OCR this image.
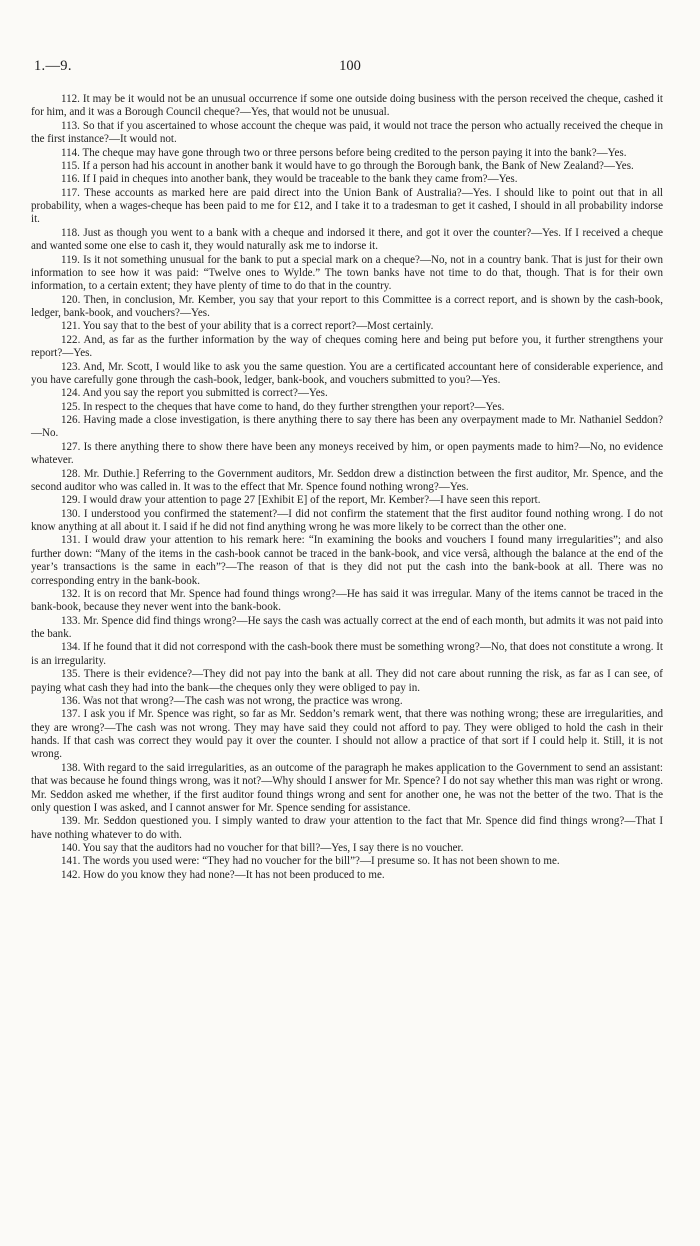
1.—9.	100

112. It may be it would not be an unusual occurrence if some one outside doing business with the person received the cheque, cashed it for him, and it was a Borough Council cheque?—Yes, that would not be unusual.

113. So that if you ascertained to whose account the cheque was paid, it would not trace the person who actually received the cheque in the first instance?—It would not.

114. The cheque may have gone through two or three persons before being credited to the person paying it into the bank?—Yes.

115. If a person had his account in another bank it would have to go through the Borough bank, the Bank of New Zealand?—Yes.

116. If I paid in cheques into another bank, they would be traceable to the bank they came from?—Yes.

117. These accounts as marked here are paid direct into the Union Bank of Australia?—Yes. I should like to point out that in all probability, when a wages-cheque has been paid to me for £12, and I take it to a tradesman to get it cashed, I should in all probability indorse it.

118. Just as though you went to a bank with a cheque and indorsed it there, and got it over the counter?—Yes. If I received a cheque and wanted some one else to cash it, they would naturally ask me to indorse it.

119. Is it not something unusual for the bank to put a special mark on a cheque?—No, not in a country bank. That is just for their own information to see how it was paid: “Twelve ones to Wylde.” The town banks have not time to do that, though. That is for their own information, to a certain extent; they have plenty of time to do that in the country.

120. Then, in conclusion, Mr. Kember, you say that your report to this Committee is a correct report, and is shown by the cash-book, ledger, bank-book, and vouchers?—Yes.

121. You say that to the best of your ability that is a correct report?—Most certainly.

122. And, as far as the further information by the way of cheques coming here and being put before you, it further strengthens your report?—Yes.

123. And, Mr. Scott, I would like to ask you the same question. You are a certificated accountant here of considerable experience, and you have carefully gone through the cash-book, ledger, bank-book, and vouchers submitted to you?—Yes.

124. And you say the report you submitted is correct?—Yes.

125. In respect to the cheques that have come to hand, do they further strengthen your report?—Yes.

126. Having made a close investigation, is there anything there to say there has been any overpayment made to Mr. Nathaniel Seddon?—No.

127. Is there anything there to show there have been any moneys received by him, or open payments made to him?—No, no evidence whatever.

128. Mr. Duthie.] Referring to the Government auditors, Mr. Seddon drew a distinction between the first auditor, Mr. Spence, and the second auditor who was called in. It was to the effect that Mr. Spence found nothing wrong?—Yes.

129. I would draw your attention to page 27 [Exhibit E] of the report, Mr. Kember?—I have seen this report.

130. I understood you confirmed the statement?—I did not confirm the statement that the first auditor found nothing wrong. I do not know anything at all about it. I said if he did not find anything wrong he was more likely to be correct than the other one.

131. I would draw your attention to his remark here: “In examining the books and vouchers I found many irregularities”; and also further down: “Many of the items in the cash-book cannot be traced in the bank-book, and vice versâ, although the balance at the end of the year’s transactions is the same in each”?—The reason of that is they did not put the cash into the bank-book at all. There was no corresponding entry in the bank-book.

132. It is on record that Mr. Spence had found things wrong?—He has said it was irregular. Many of the items cannot be traced in the bank-book, because they never went into the bank-book.

133. Mr. Spence did find things wrong?—He says the cash was actually correct at the end of each month, but admits it was not paid into the bank.

134. If he found that it did not correspond with the cash-book there must be something wrong?—No, that does not constitute a wrong. It is an irregularity.

135. There is their evidence?—They did not pay into the bank at all. They did not care about running the risk, as far as I can see, of paying what cash they had into the bank—the cheques only they were obliged to pay in.

136. Was not that wrong?—The cash was not wrong, the practice was wrong.

137. I ask you if Mr. Spence was right, so far as Mr. Seddon’s remark went, that there was nothing wrong; these are irregularities, and they are wrong?—The cash was not wrong. They may have said they could not afford to pay. They were obliged to hold the cash in their hands. If that cash was correct they would pay it over the counter. I should not allow a practice of that sort if I could help it. Still, it is not wrong.

138. With regard to the said irregularities, as an outcome of the paragraph he makes application to the Government to send an assistant: that was because he found things wrong, was it not?—Why should I answer for Mr. Spence? I do not say whether this man was right or wrong. Mr. Seddon asked me whether, if the first auditor found things wrong and sent for another one, he was not the better of the two. That is the only question I was asked, and I cannot answer for Mr. Spence sending for assistance.

139. Mr. Seddon questioned you. I simply wanted to draw your attention to the fact that Mr. Spence did find things wrong?—That I have nothing whatever to do with.

140. You say that the auditors had no voucher for that bill?—Yes, I say there is no voucher.

141. The words you used were: “They had no voucher for the bill”?—I presume so. It has not been shown to me.

142. How do you know they had none?—It has not been produced to me.
